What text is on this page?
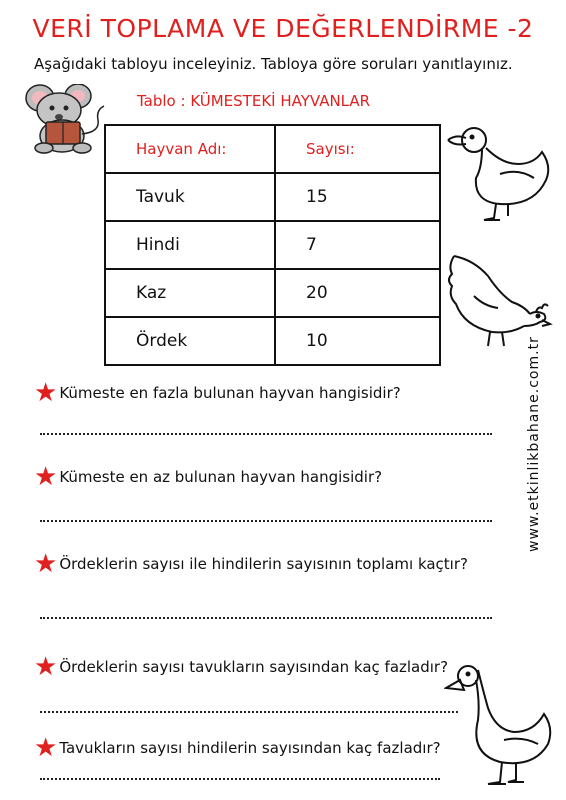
VERİ TOPLAMA VE DEĞERLENDİRME -2
Aşağıdaki tabloyu inceleyiniz. Tabloya göre soruları yanıtlayınız.
Tablo : KÜMESTEKİ HAYVANLAR
Hayvan Adı:	Sayısı:
Tavuk	15
Hindi	7
Kaz	20
Ördek	10
★ Kümeste en fazla bulunan hayvan hangisidir?
★ Kümeste en az bulunan hayvan hangisidir?
★ Ördeklerin sayısı ile hindilerin sayısının toplamı kaçtır?
★ Ördeklerin sayısı tavukların sayısından kaç fazladır?
★ Tavukların sayısı hindilerin sayısından kaç fazladır?
www.etkinlikbahane.com.tr
